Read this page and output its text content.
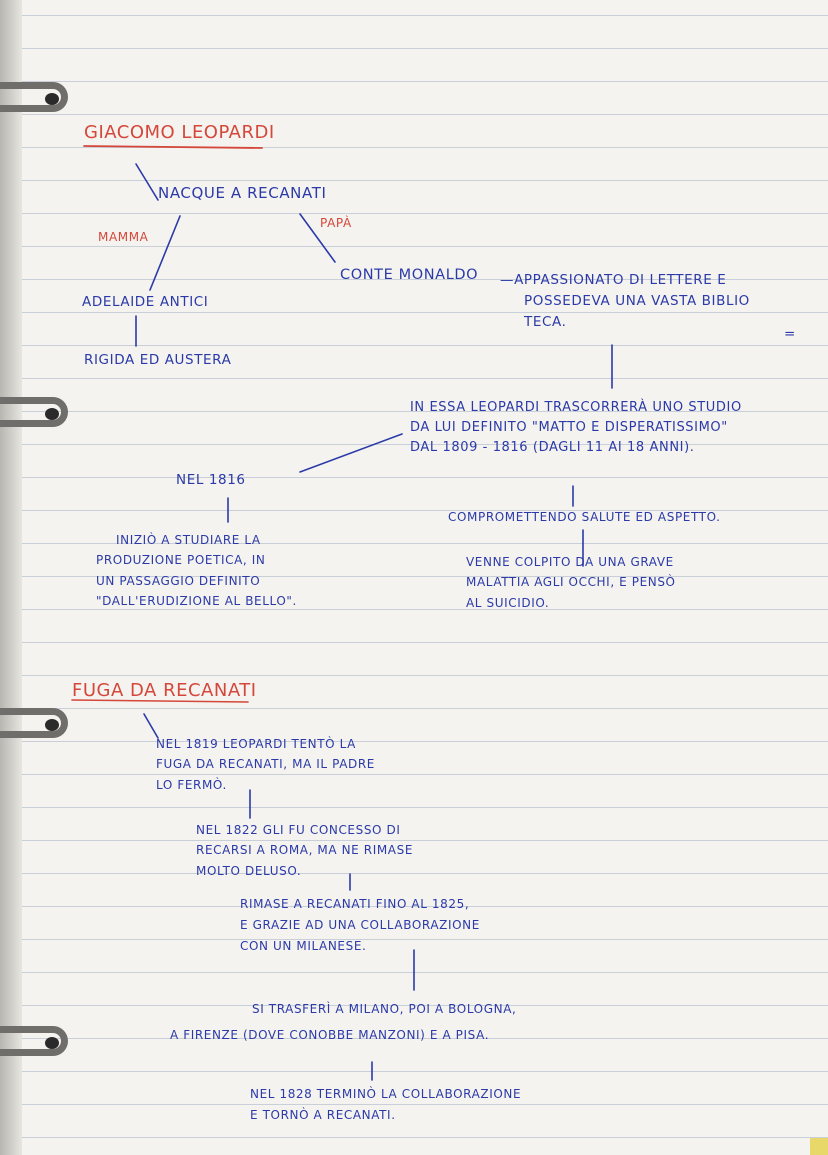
GIACOMO LEOPARDI
FUGA DA RECANATI
NACQUE A RECANATI
MAMMA
PAPÀ
ADELAIDE ANTICI
RIGIDA ED AUSTERA
CONTE MONALDO —APPASSIONATO DI LETTERE E
POSSEDEVA UNA VASTA BIBLIO
TECA.
=
IN ESSA LEOPARDI TRASCORRERÀ UNO STUDIO
DA LUI DEFINITO "MATTO E DISPERATISSIMO"
DAL 1809 - 1816 (DAGLI 11 AI 18 ANNI).
COMPROMETTENDO SALUTE ED ASPETTO.
VENNE COLPITO DA UNA GRAVE
MALATTIA AGLI OCCHI, E PENSÒ
AL SUICIDIO.
NEL 1816
INIZIÒ A STUDIARE LA
PRODUZIONE POETICA, IN
UN PASSAGGIO DEFINITO
"DALL'ERUDIZIONE AL BELLO".
NEL 1819 LEOPARDI TENTÒ LA
FUGA DA RECANATI, MA IL PADRE
LO FERMÒ.
NEL 1822 GLI FU CONCESSO DI
RECARSI A ROMA, MA NE RIMASE
MOLTO DELUSO.
RIMASE A RECANATI FINO AL 1825,
E GRAZIE AD UNA COLLABORAZIONE
CON UN MILANESE.
SI TRASFERÌ A MILANO, POI A BOLOGNA,
A FIRENZE (DOVE CONOBBE MANZONI) E A PISA.
NEL 1828 TERMINÒ LA COLLABORAZIONE
E TORNÒ A RECANATI.
